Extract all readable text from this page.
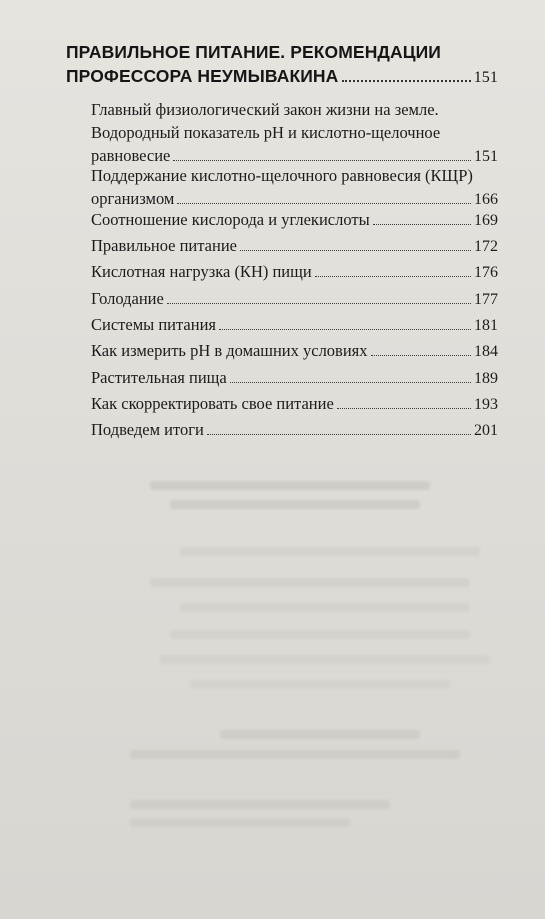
ПРАВИЛЬНОЕ ПИТАНИЕ. РЕКОМЕНДАЦИИ
ПРОФЕССОРА НЕУМЫВАКИНА	151
Главный физиологический закон жизни на земле.
Водородный показатель pH и кислотно-щелочное
равновесие	151
Поддержание кислотно-щелочного равновесия (КЩР)
организмом	166
Соотношение кислорода и углекислоты	169
Правильное питание	172
Кислотная нагрузка (КН) пищи	176
Голодание	177
Системы питания	181
Как измерить pH в домашних условиях	184
Растительная пища	189
Как скорректировать свое питание	193
Подведем итоги	201
